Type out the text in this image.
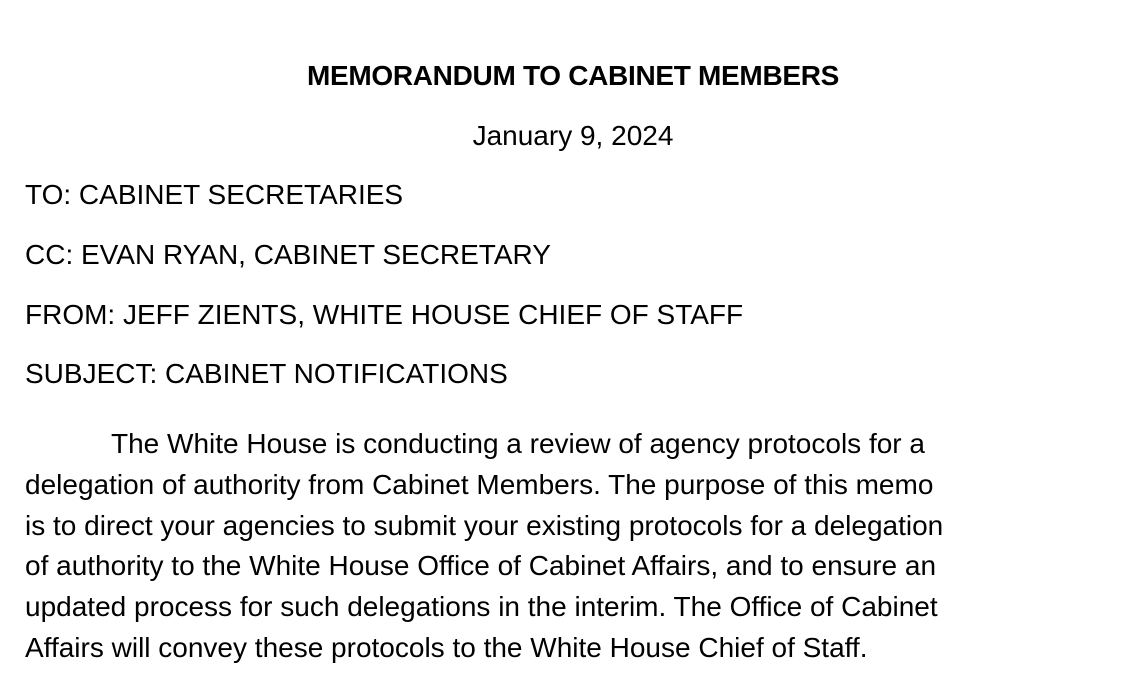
MEMORANDUM TO CABINET MEMBERS
January 9, 2024
TO: CABINET SECRETARIES
CC: EVAN RYAN, CABINET SECRETARY
FROM: JEFF ZIENTS, WHITE HOUSE CHIEF OF STAFF
SUBJECT: CABINET NOTIFICATIONS
The White House is conducting a review of agency protocols for a
delegation of authority from Cabinet Members. The purpose of this memo
is to direct your agencies to submit your existing protocols for a delegation
of authority to the White House Office of Cabinet Affairs, and to ensure an
updated process for such delegations in the interim. The Office of Cabinet
Affairs will convey these protocols to the White House Chief of Staff.
